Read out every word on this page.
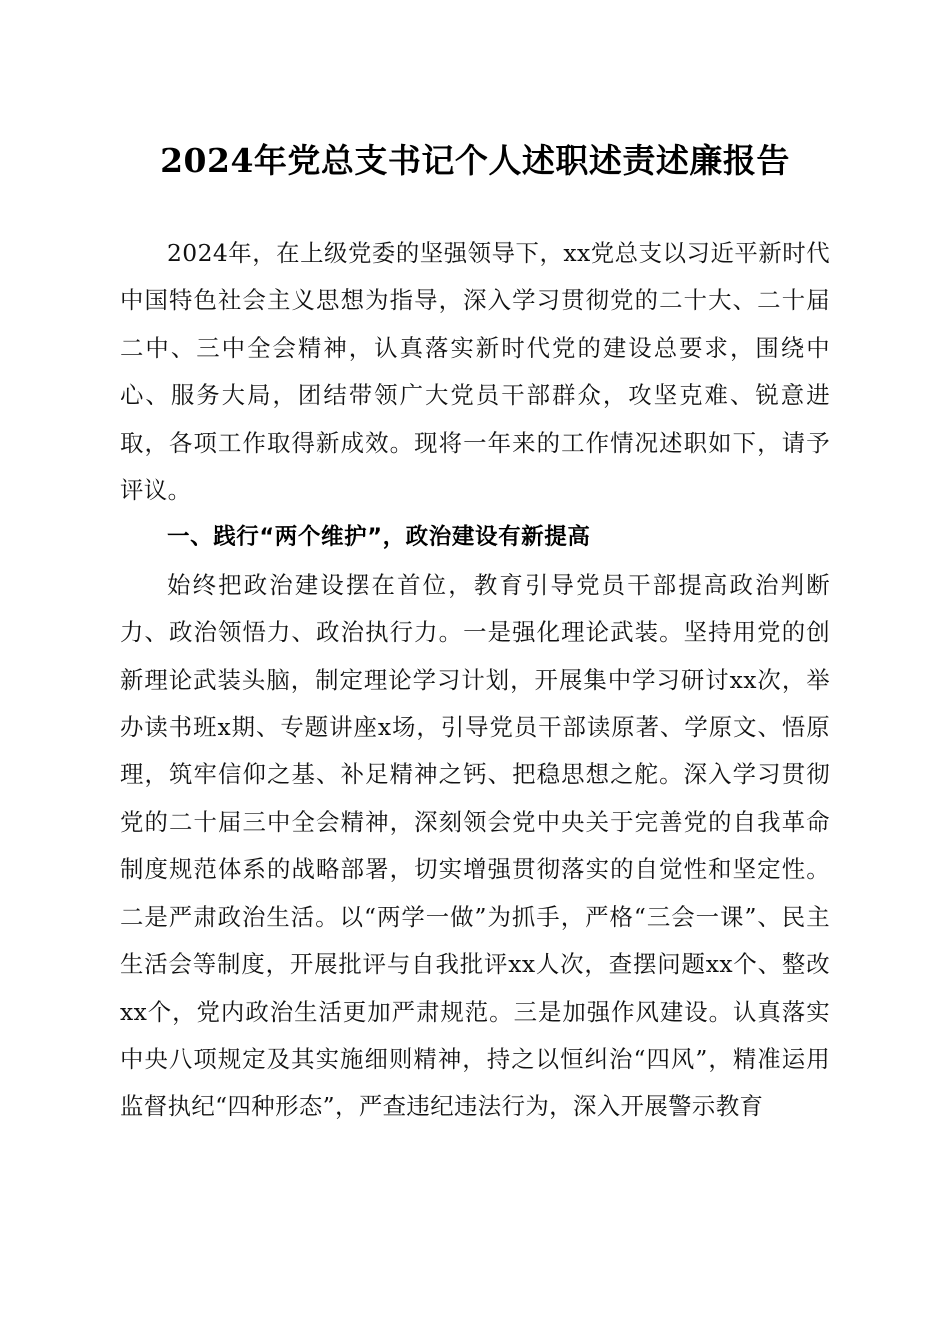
2024年党总支书记个人述职述责述廉报告

2024年，在上级党委的坚强领导下，xx党总支以习近平新时代中国特色社会主义思想为指导，深入学习贯彻党的二十大、二十届二中、三中全会精神，认真落实新时代党的建设总要求，围绕中心、服务大局，团结带领广大党员干部群众，攻坚克难、锐意进取，各项工作取得新成效。现将一年来的工作情况述职如下，请予评议。

一、践行“两个维护”，政治建设有新提高

始终把政治建设摆在首位，教育引导党员干部提高政治判断力、政治领悟力、政治执行力。一是强化理论武装。坚持用党的创新理论武装头脑，制定理论学习计划，开展集中学习研讨xx次，举办读书班x期、专题讲座x场，引导党员干部读原著、学原文、悟原理，筑牢信仰之基、补足精神之钙、把稳思想之舵。深入学习贯彻党的二十届三中全会精神，深刻领会党中央关于完善党的自我革命制度规范体系的战略部署，切实增强贯彻落实的自觉性和坚定性。二是严肃政治生活。以“两学一做”为抓手，严格“三会一课”、民主生活会等制度，开展批评与自我批评xx人次，查摆问题xx个、整改xx个，党内政治生活更加严肃规范。三是加强作风建设。认真落实中央八项规定及其实施细则精神，持之以恒纠治“四风”，精准运用监督执纪“四种形态”，严查违纪违法行为，深入开展警示教育
